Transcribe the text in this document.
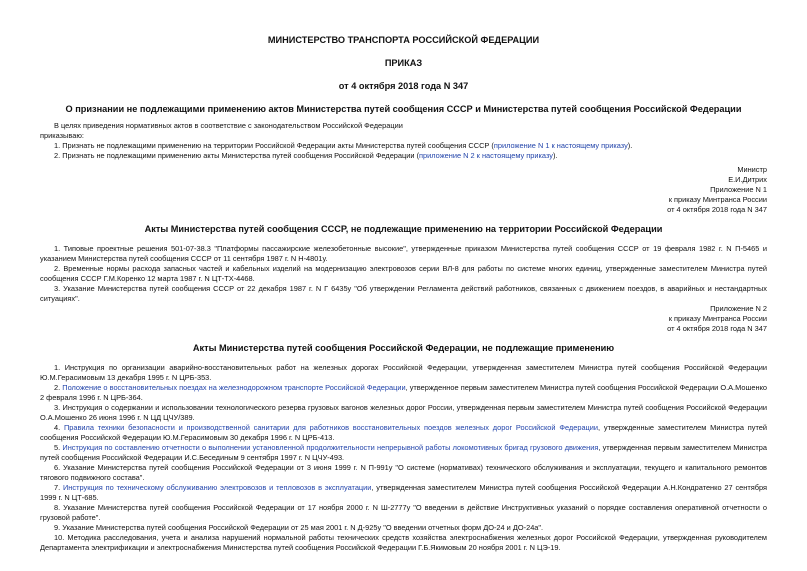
МИНИСТЕРСТВО ТРАНСПОРТА РОССИЙСКОЙ ФЕДЕРАЦИИ
ПРИКАЗ
от 4 октября 2018 года N 347
О признании не подлежащими применению актов Министерства путей сообщения СССР и Министерства путей сообщения Российской Федерации

В целях приведения нормативных актов в соответствие с законодательством Российской Федерации

приказываю:

1. Признать не подлежащими применению на территории Российской Федерации акты Министерства путей сообщения СССР (приложение N 1 к настоящему приказу).

2. Признать не подлежащими применению акты Министерства путей сообщения Российской Федерации (приложение N 2 к настоящему приказу).

Министр

Е.И.Дитрих

Приложение N 1

к приказу Минтранса России

от 4 октября 2018 года N 347

Акты Министерства путей сообщения СССР, не подлежащие применению на территории Российской Федерации

1. Типовые проектные решения 501-07-38.3 "Платформы пассажирские железобетонные высокие", утвержденные приказом Министерства путей сообщения СССР от 19 февраля 1982 г. N П-5465 и указанием Министерства путей сообщения СССР от 11 сентября 1987 г. N Н-4801у.

2. Временные нормы расхода запасных частей и кабельных изделий на модернизацию электровозов серии ВЛ-8 для работы по системе многих единиц, утвержденные заместителем Министра путей сообщения СССР Г.М.Коренко 12 марта 1987 г. N ЦТ-ТХ-4468.

3. Указание Министерства путей сообщения СССР от 22 декабря 1987 г. N Г 6435у "Об утверждении Регламента действий работников, связанных с движением поездов, в аварийных и нестандартных ситуациях".

Приложение N 2

к приказу Минтранса России

от 4 октября 2018 года N 347

Акты Министерства путей сообщения Российской Федерации, не подлежащие применению

1. Инструкция по организации аварийно-восстановительных работ на железных дорогах Российской Федерации, утвержденная заместителем Министра путей сообщения Российской Федерации Ю.М.Герасимовым 13 декабря 1995 г. N ЦРБ-353.

2. Положение о восстановительных поездах на железнодорожном транспорте Российской Федерации, утвержденное первым заместителем Министра путей сообщения Российской Федерации О.А.Мошенко 2 февраля 1996 г. N ЦРБ-364.

3. Инструкция о содержании и использовании технологического резерва грузовых вагонов железных дорог России, утвержденная первым заместителем Министра путей сообщения Российской Федерации О.А.Мошенко 26 июня 1996 г. N ЦД ЦЧУ/389.

4. Правила техники безопасности и производственной санитарии для работников восстановительных поездов железных дорог Российской Федерации, утвержденные заместителем Министра путей сообщения Российской Федерации Ю.М.Герасимовым 30 декабря 1996 г. N ЦРБ-413.

5. Инструкция по составлению отчетности о выполнении установленной продолжительности непрерывной работы локомотивных бригад грузового движения, утвержденная первым заместителем Министра путей сообщения Российской Федерации И.С.Бесединым 9 сентября 1997 г. N ЦЧУ-493.

6. Указание Министерства путей сообщения Российской Федерации от 3 июня 1999 г. N П-991у "О системе (нормативах) технического обслуживания и эксплуатации, текущего и капитального ремонтов тягового подвижного состава".

7. Инструкция по техническому обслуживанию электровозов и тепловозов в эксплуатации, утвержденная заместителем Министра путей сообщения Российской Федерации А.Н.Кондратенко 27 сентября 1999 г. N ЦТ-685.

8. Указание Министерства путей сообщения Российской Федерации от 17 ноября 2000 г. N Ш-2777у "О введении в действие Инструктивных указаний о порядке составления оперативной отчетности о грузовой работе".

9. Указание Министерства путей сообщения Российской Федерации от 25 мая 2001 г. N Д-925у "О введении отчетных форм ДО-24 и ДО-24а".

10. Методика расследования, учета и анализа нарушений нормальной работы технических средств хозяйства электроснабжения железных дорог Российской Федерации, утвержденная руководителем Департамента электрификации и электроснабжения Министерства путей сообщения Российской Федерации Г.Б.Якимовым 20 ноября 2001 г. N ЦЭ-19.
